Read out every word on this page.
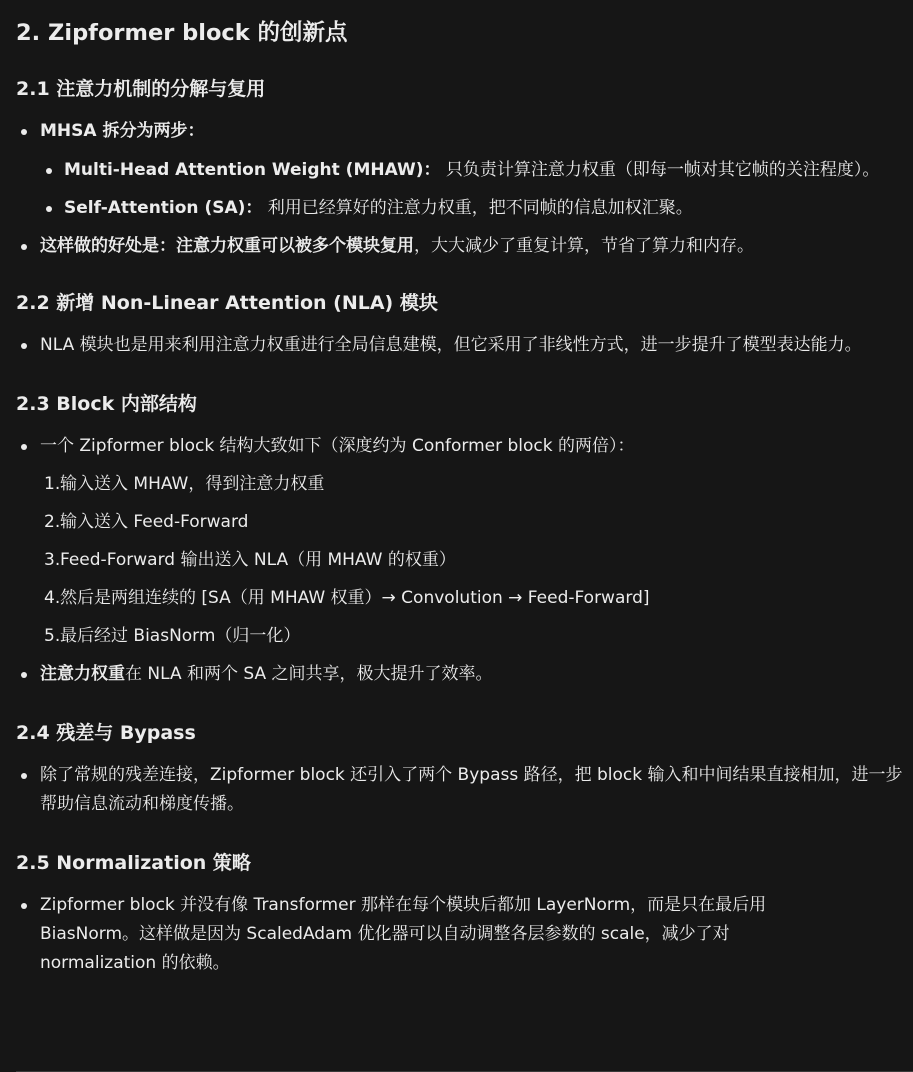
2. Zipformer block 的创新点
2.1 注意力机制的分解与复用
MHSA 拆分为两步：
Multi-Head Attention Weight (MHAW)： 只负责计算注意力权重（即每一帧对其它帧的关注程度）。
Self-Attention (SA)： 利用已经算好的注意力权重，把不同帧的信息加权汇聚。
这样做的好处是：注意力权重可以被多个模块复用，大大减少了重复计算，节省了算力和内存。
2.2 新增 Non-Linear Attention (NLA) 模块
NLA 模块也是用来利用注意力权重进行全局信息建模，但它采用了非线性方式，进一步提升了模型表达能力。
2.3 Block 内部结构
一个 Zipformer block 结构大致如下（深度约为 Conformer block 的两倍）：
1. 输入送入 MHAW，得到注意力权重
2. 输入送入 Feed-Forward
3. Feed-Forward 输出送入 NLA（用 MHAW 的权重）
4. 然后是两组连续的 [SA（用 MHAW 权重）→ Convolution → Feed-Forward]
5. 最后经过 BiasNorm（归一化）
注意力权重在 NLA 和两个 SA 之间共享，极大提升了效率。
2.4 残差与 Bypass
除了常规的残差连接，Zipformer block 还引入了两个 Bypass 路径，把 block 输入和中间结果直接相加，进一步帮助信息流动和梯度传播。
2.5 Normalization 策略
Zipformer block 并没有像 Transformer 那样在每个模块后都加 LayerNorm，而是只在最后用 BiasNorm。这样做是因为 ScaledAdam 优化器可以自动调整各层参数的 scale，减少了对 normalization 的依赖。
